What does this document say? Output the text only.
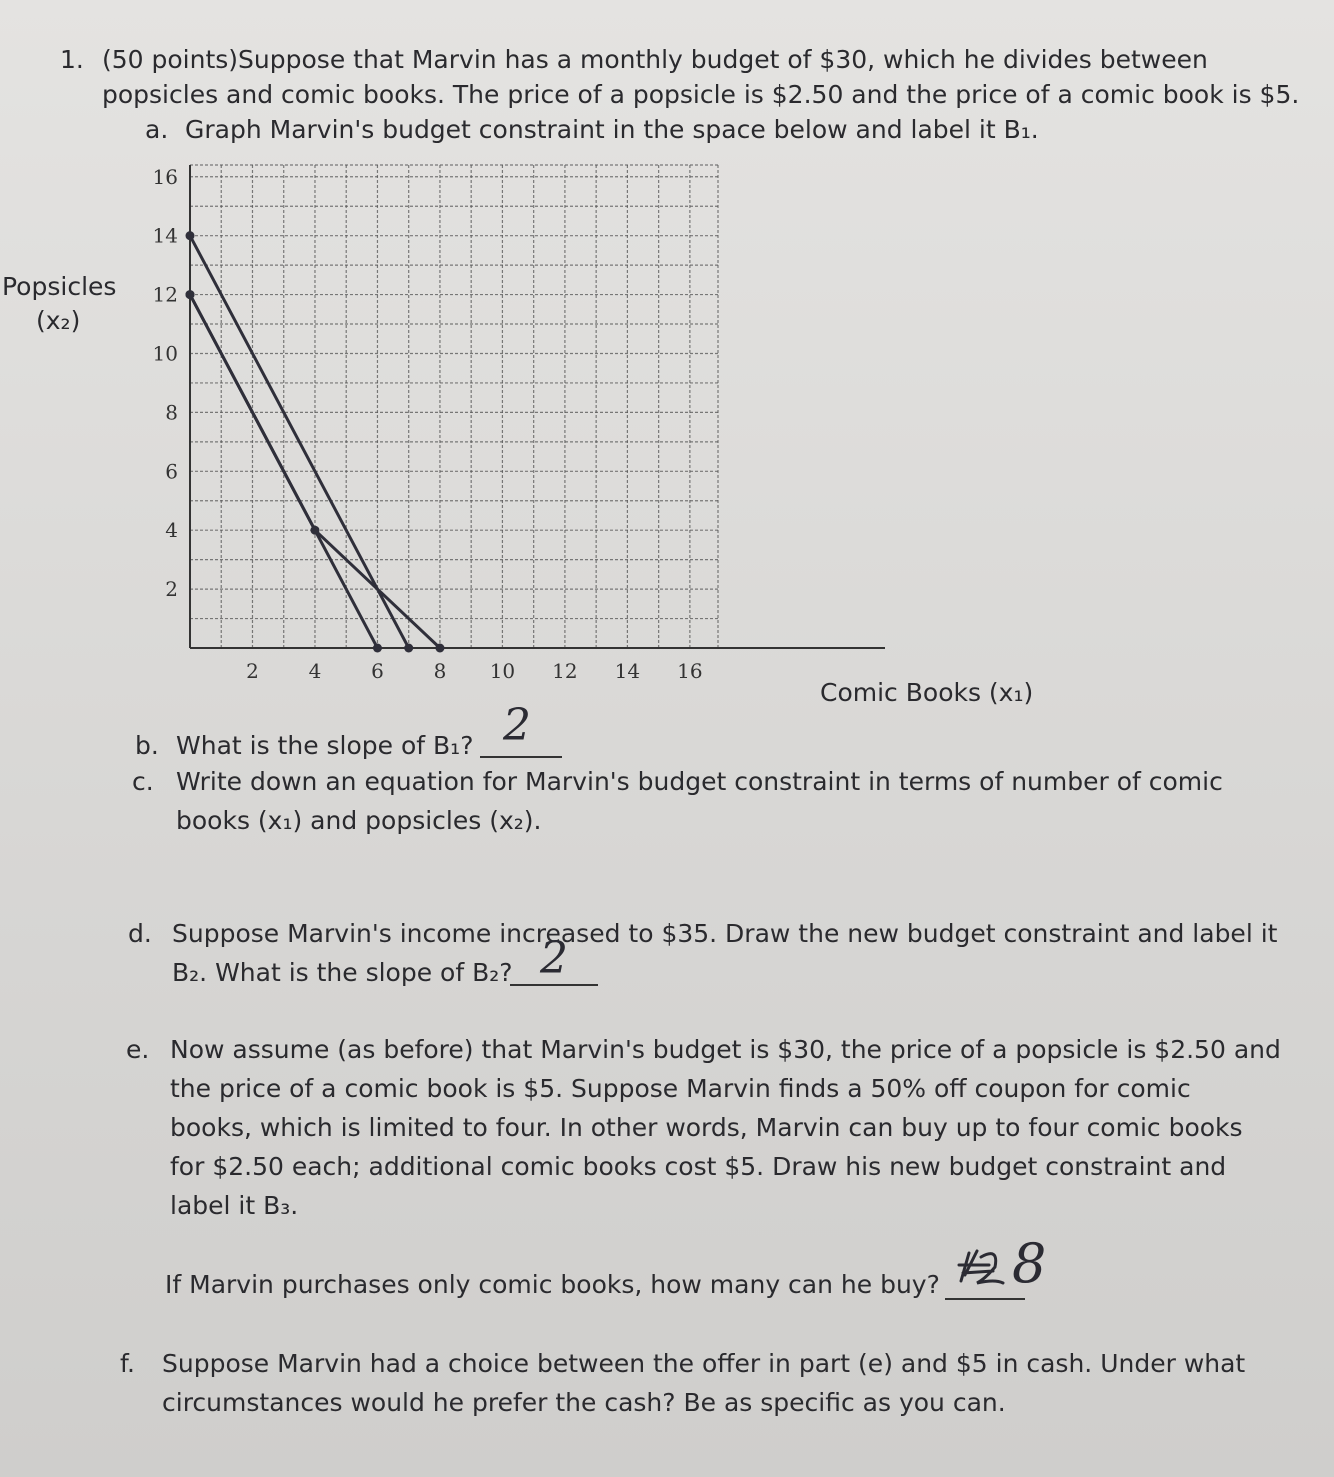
1. (50 points)Suppose that Marvin has a monthly budget of $30, which he divides between
popsicles and comic books. The price of a popsicle is $2.50 and the price of a comic book is $5.
a. Graph Marvin's budget constraint in the space below and label it B₁.
Popsicles
(x₂)
Comic Books (x₁)
16
14
12
10
8
6
4
2
2 4 6 8 10 12 14 16
b. What is the slope of B₁? 2
c. Write down an equation for Marvin's budget constraint in terms of number of comic
books (x₁) and popsicles (x₂).
d. Suppose Marvin's income increased to $35. Draw the new budget constraint and label it
B₂. What is the slope of B₂? 2
e. Now assume (as before) that Marvin's budget is $30, the price of a popsicle is $2.50 and
the price of a comic book is $5. Suppose Marvin finds a 50% off coupon for comic
books, which is limited to four. In other words, Marvin can buy up to four comic books
for $2.50 each; additional comic books cost $5. Draw his new budget constraint and
label it B₃.
If Marvin purchases only comic books, how many can he buy? 8
f. Suppose Marvin had a choice between the offer in part (e) and $5 in cash. Under what
circumstances would he prefer the cash? Be as specific as you can.
